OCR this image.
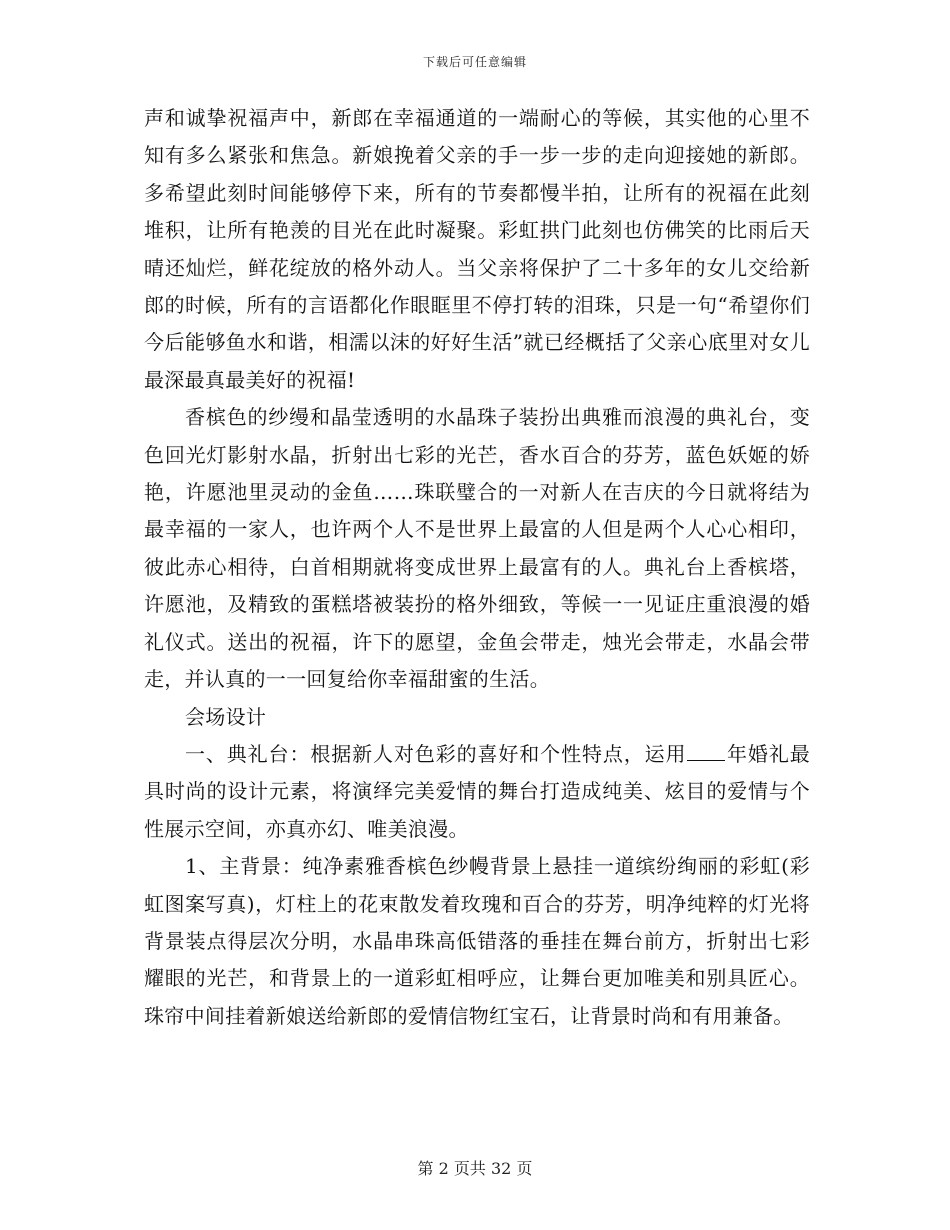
下载后可任意编辑

声和诚挚祝福声中，新郎在幸福通道的一端耐心的等候，其实他的心里不知有多么紧张和焦急。新娘挽着父亲的手一步一步的走向迎接她的新郎。多希望此刻时间能够停下来，所有的节奏都慢半拍，让所有的祝福在此刻堆积，让所有艳羡的目光在此时凝聚。彩虹拱门此刻也仿佛笑的比雨后天晴还灿烂，鲜花绽放的格外动人。当父亲将保护了二十多年的女儿交给新郎的时候，所有的言语都化作眼眶里不停打转的泪珠，只是一句“希望你们今后能够鱼水和谐，相濡以沫的好好生活”就已经概括了父亲心底里对女儿最深最真最美好的祝福!

香槟色的纱缦和晶莹透明的水晶珠子装扮出典雅而浪漫的典礼台，变色回光灯影射水晶，折射出七彩的光芒，香水百合的芬芳，蓝色妖姬的娇艳，许愿池里灵动的金鱼……珠联璧合的一对新人在吉庆的今日就将结为最幸福的一家人，也许两个人不是世界上最富的人但是两个人心心相印，彼此赤心相待，白首相期就将变成世界上最富有的人。典礼台上香槟塔，许愿池，及精致的蛋糕塔被装扮的格外细致，等候一一见证庄重浪漫的婚礼仪式。送出的祝福，许下的愿望，金鱼会带走，烛光会带走，水晶会带走，并认真的一一回复给你幸福甜蜜的生活。

会场设计

一、典礼台：根据新人对色彩的喜好和个性特点，运用 年婚礼最具时尚的设计元素，将演绎完美爱情的舞台打造成纯美、炫目的爱情与个性展示空间，亦真亦幻、唯美浪漫。

1、主背景：纯净素雅香槟色纱幔背景上悬挂一道缤纷绚丽的彩虹(彩虹图案写真)，灯柱上的花束散发着玫瑰和百合的芬芳，明净纯粹的灯光将背景装点得层次分明，水晶串珠高低错落的垂挂在舞台前方，折射出七彩耀眼的光芒，和背景上的一道彩虹相呼应，让舞台更加唯美和别具匠心。珠帘中间挂着新娘送给新郎的爱情信物红宝石，让背景时尚和有用兼备。

第 2 页共 32 页
